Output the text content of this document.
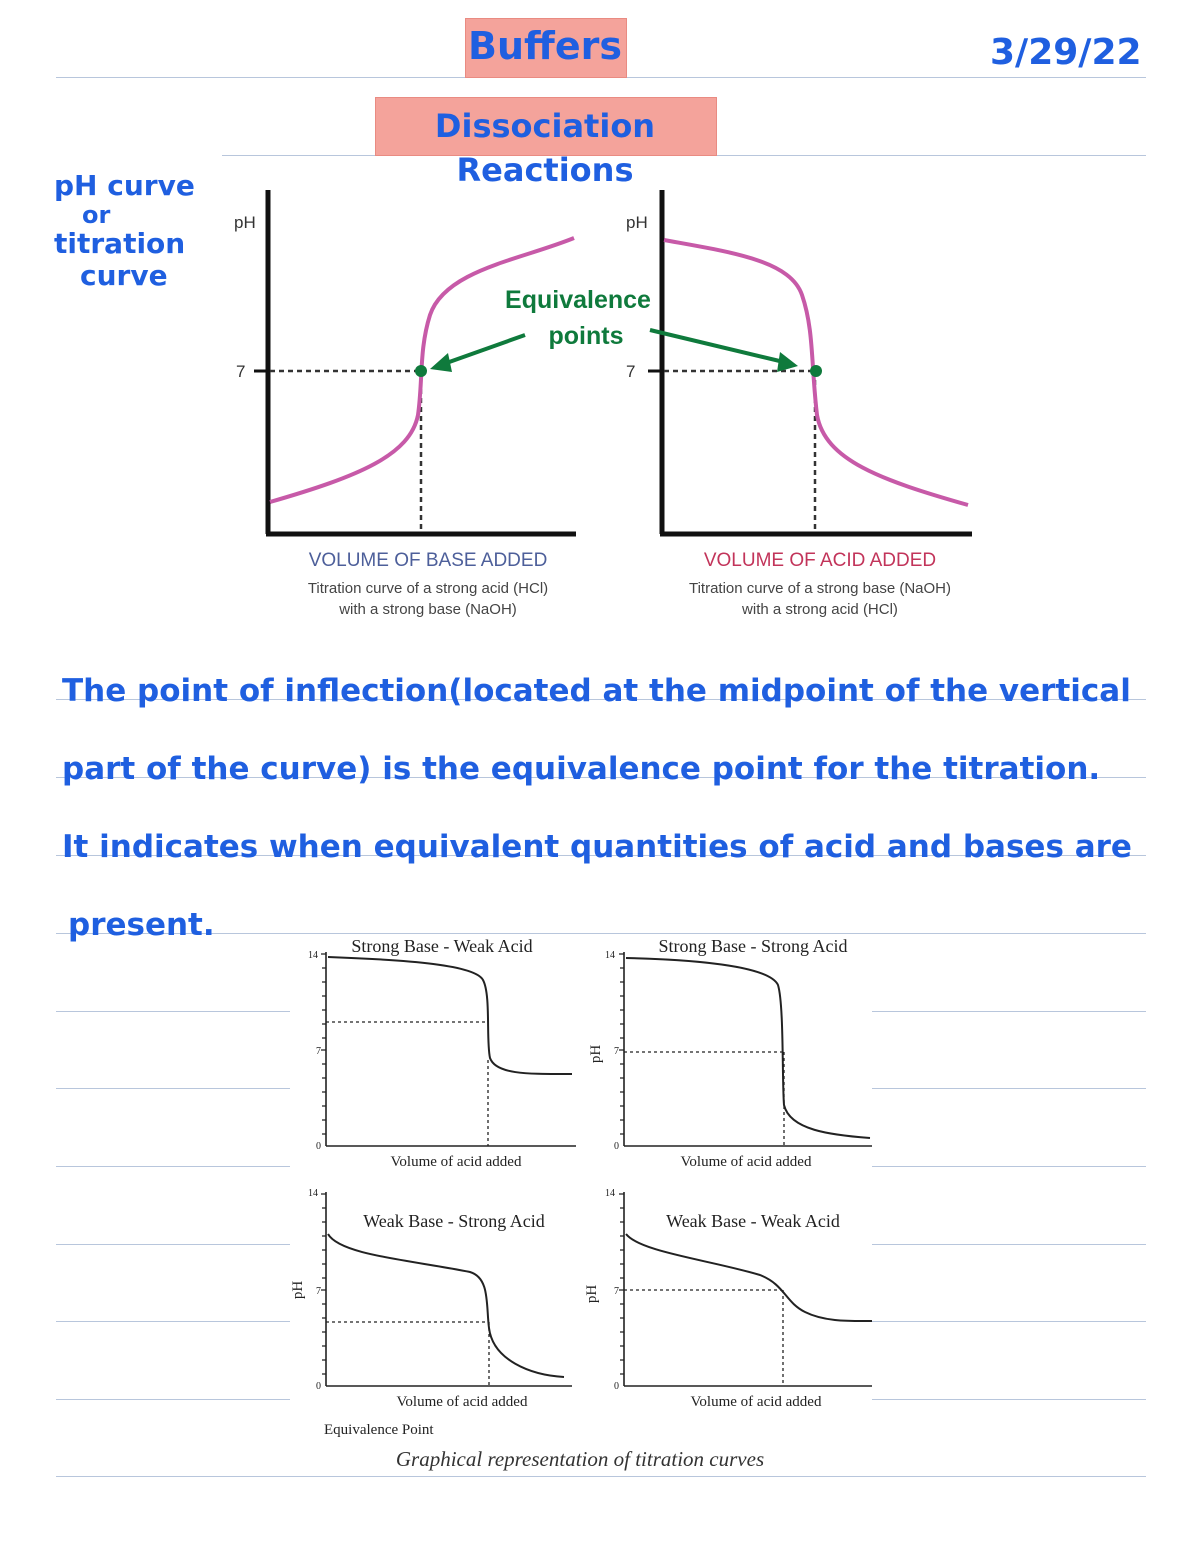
Buffers	3/29/22
Dissociation Reactions
pH curve
or
titration
curve
pH
7
VOLUME OF BASE ADDED
Titration curve of a strong acid (HCl)
with a strong base (NaOH)
pH
7
VOLUME OF ACID ADDED
Titration curve of a strong base (NaOH)
with a strong acid (HCl)
Equivalence
points
The point of inflection(located at the midpoint of the vertical
part of the curve) is the equivalence point for the titration.
It indicates when equivalent quantities of acid and bases are
present.
Strong Base - Weak Acid
14
7
0
Volume of acid added
Strong Base - Strong Acid
14
7
0
pH
Volume of acid added
Weak Base - Strong Acid
14
7
0
pH
Volume of acid added
Weak Base - Weak Acid
14
7
0
pH
Volume of acid added
Equivalence Point
Graphical representation of titration curves
